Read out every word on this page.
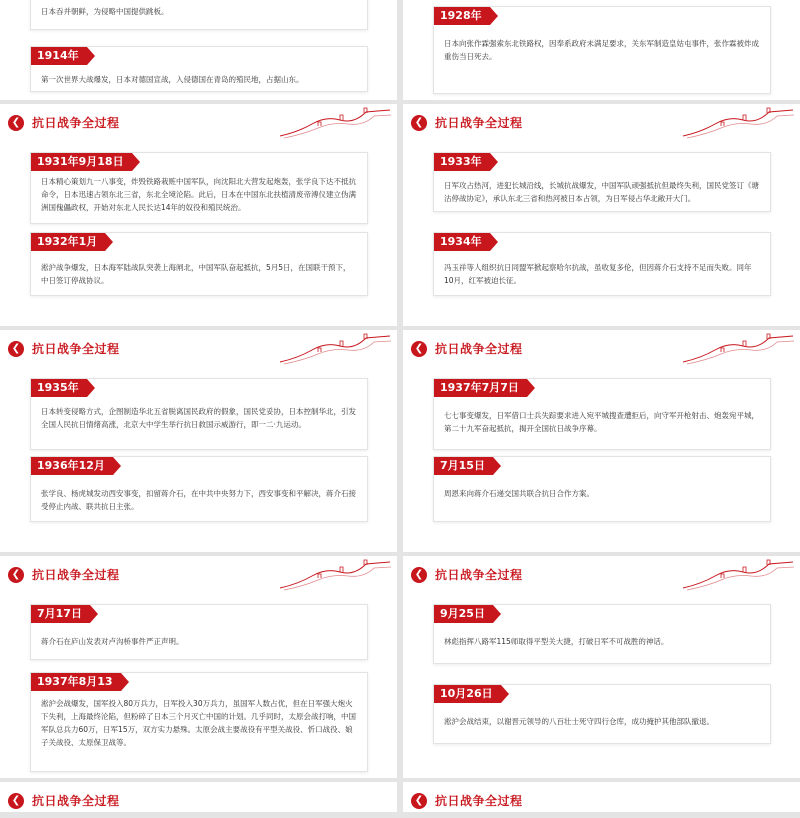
日本吞并朝鲜，为侵略中国提供跳板。
1914年
第一次世界大战爆发，日本对德国宣战，入侵德国在青岛的殖民地，占据山东。
1928年
日本向张作霖强索东北铁路权，因奉系政府未满足要求，关东军制造皇姑屯事件，张作霖被炸成重伤当日死去。
❮ 抗日战争全过程
1931年9月18日
日本精心策划九一八事变，炸毁铁路栽赃中国军队，向沈阳北大营发起炮轰，张学良下达不抵抗命令，日本迅速占领东北三省，东北全境沦陷。此后，日本在中国东北扶植清废帝溥仪建立伪满洲国傀儡政权，开始对东北人民长达14年的奴役和殖民统治。
1932年1月
淞沪战争爆发，日本海军陆战队突袭上海闸北，中国军队奋起抵抗，5月5日，在国联干预下，中日签订停战协议。
❮ 抗日战争全过程
1933年
日军攻占热河，进犯长城沿线，长城抗战爆发，中国军队顽强抵抗但最终失利，国民党签订《塘沽停战协定》，承认东北三省和热河被日本占领，为日军侵占华北敞开大门。
1934年
冯玉祥等人组织抗日同盟军掀起察哈尔抗战，虽收复多伦，但因蒋介石支持不足而失败。同年10月，红军被迫长征。
❮ 抗日战争全过程
1935年
日本转变侵略方式，企图制造华北五省脱离国民政府的假象，国民党妥协，日本控制华北，引发全国人民抗日情绪高涨，北京大中学生举行抗日救国示威游行，即一二·九运动。
1936年12月
张学良、杨虎城发动西安事变，扣留蒋介石，在中共中央努力下，西安事变和平解决，蒋介石接受停止内战、联共抗日主张。
❮ 抗日战争全过程
1937年7月7日
七七事变爆发，日军借口士兵失踪要求进入宛平城搜查遭拒后，向守军开枪射击、炮轰宛平城，第二十九军奋起抵抗，揭开全国抗日战争序幕。
7月15日
周恩来向蒋介石递交国共联合抗日合作方案。
❮ 抗日战争全过程
7月17日
蒋介石在庐山发表对卢沟桥事件严正声明。
1937年8月13
淞沪会战爆发，国军投入80万兵力，日军投入30万兵力，虽国军人数占优，但在日军强大炮火下失利，上海最终沦陷，但粉碎了日本三个月灭亡中国的计划。几乎同时，太原会战打响，中国军队总兵力60万，日军15万，双方实力悬殊。太原会战主要战役有平型关战役、忻口战役、娘子关战役、太原保卫战等。
❮ 抗日战争全过程
9月25日
林彪指挥八路军115师取得平型关大捷，打破日军不可战胜的神话。
10月26日
淞沪会战结束，以谢晋元领导的八百壮士死守四行仓库，成功掩护其他部队撤退。
❮ 抗日战争全过程	❮ 抗日战争全过程
